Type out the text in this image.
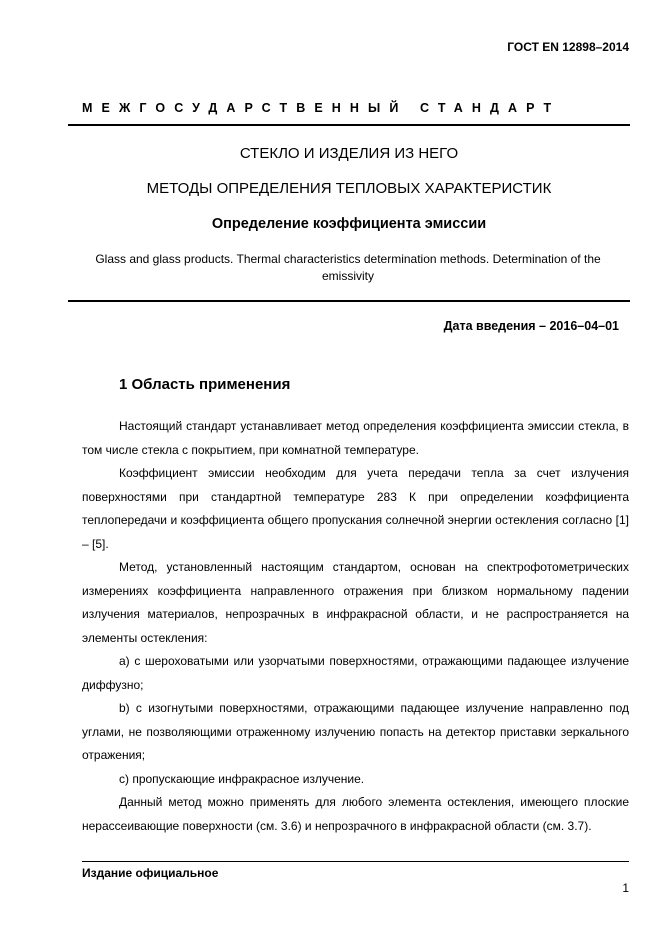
ГОСТ EN 12898–2014
МЕЖГОСУДАРСТВЕННЫЙ СТАНДАРТ
СТЕКЛО И ИЗДЕЛИЯ ИЗ НЕГО
МЕТОДЫ ОПРЕДЕЛЕНИЯ ТЕПЛОВЫХ ХАРАКТЕРИСТИК
Определение коэффициента эмиссии
Glass and glass products. Thermal characteristics determination methods. Determination of the emissivity
Дата введения – 2016–04–01
1 Область применения

Настоящий стандарт устанавливает метод определения коэффициента эмиссии стекла, в том числе стекла с покрытием, при комнатной температуре.

Коэффициент эмиссии необходим для учета передачи тепла за счет излучения поверхностями при стандартной температуре 283 К при определении коэффициента теплопередачи и коэффициента общего пропускания солнечной энергии остекления согласно [1] – [5].

Метод, установленный настоящим стандартом, основан на спектрофотометрических измерениях коэффициента направленного отражения при близком нормальному падении излучения материалов, непрозрачных в инфракрасной области, и не распространяется на элементы остекления:

а) с шероховатыми или узорчатыми поверхностями, отражающими падающее излучение диффузно;

b) с изогнутыми поверхностями, отражающими падающее излучение направленно под углами, не позволяющими отраженному излучению попасть на детектор приставки зеркального отражения;

c) пропускающие инфракрасное излучение.

Данный метод можно применять для любого элемента остекления, имеющего плоские нерассеивающие поверхности (см. 3.6) и непрозрачного в инфракрасной области (см. 3.7).

Издание официальное
1
